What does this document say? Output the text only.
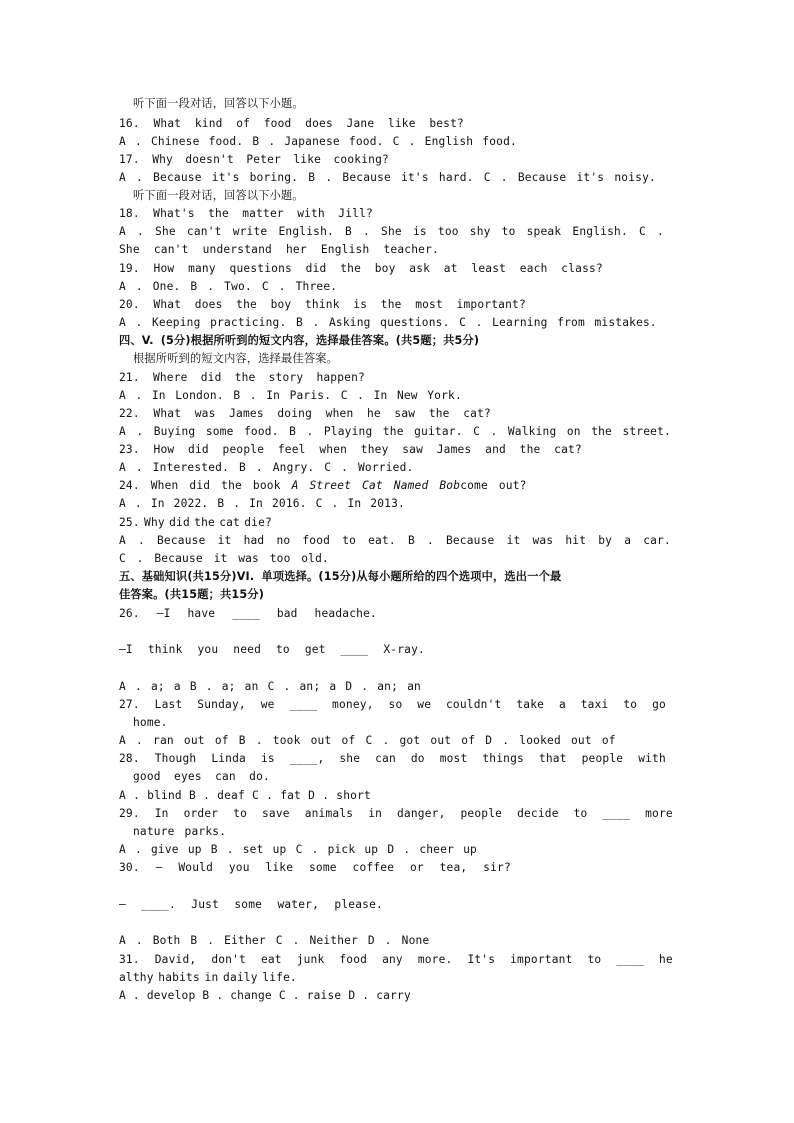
听下面一段对话，回答以下小题。
16. What kind of food does Jane like best?
A . Chinese food. B . Japanese food. C . English food.
17. Why doesn't Peter like cooking?
A . Because it's boring. B . Because it's hard. C . Because it's noisy.
听下面一段对话，回答以下小题。
18. What's the matter with Jill?
A . She can't write English. B . She is too shy to speak English. C .
She can't understand her English teacher.
19. How many questions did the boy ask at least each class?
A . One. B . Two. C . Three.
20. What does the boy think is the most important?
A . Keeping practicing. B . Asking questions. C . Learning from mistakes.
四、V. (5分)根据所听到的短文内容，选择最佳答案。(共5题；共5分)
根据所听到的短文内容，选择最佳答案。
21. Where did the story happen?
A . In London. B . In Paris. C . In New York.
22. What was James doing when he saw the cat?
A . Buying some food. B . Playing the guitar. C . Walking on the street.
23. How did people feel when they saw James and the cat?
A . Interested. B . Angry. C . Worried.
24. When did the book A Street Cat Named Bobcome out?
A . In 2022. B . In 2016. C . In 2013.
25. Why did the cat die?
A . Because it had no food to eat. B . Because it was hit by a car.
C . Because it was too old.
五、基础知识(共15分)VⅠ. 单项选择。(15分)从每小题所给的四个选项中，选出一个最
佳答案。(共15题；共15分)
26. —I have ____ bad headache.
—I think you need to get ____ X-ray.
A . a; a B . a; an C . an; a D . an; an
27. Last Sunday, we ____ money, so we couldn't take a taxi to go
home.
A . ran out of B . took out of C . got out of D . looked out of
28. Though Linda is ____, she can do most things that people with
good eyes can do.
A . blind B . deaf C . fat D . short
29. In order to save animals in danger, people decide to ____ more
nature parks.
A . give up B . set up C . pick up D . cheer up
30. — Would you like some coffee or tea, sir?
— ____. Just some water, please.
A . Both B . Either C . Neither D . None
31. David, don't eat junk food any more. It's important to ____ he
althy habits in daily life.
A . develop B . change C . raise D . carry
